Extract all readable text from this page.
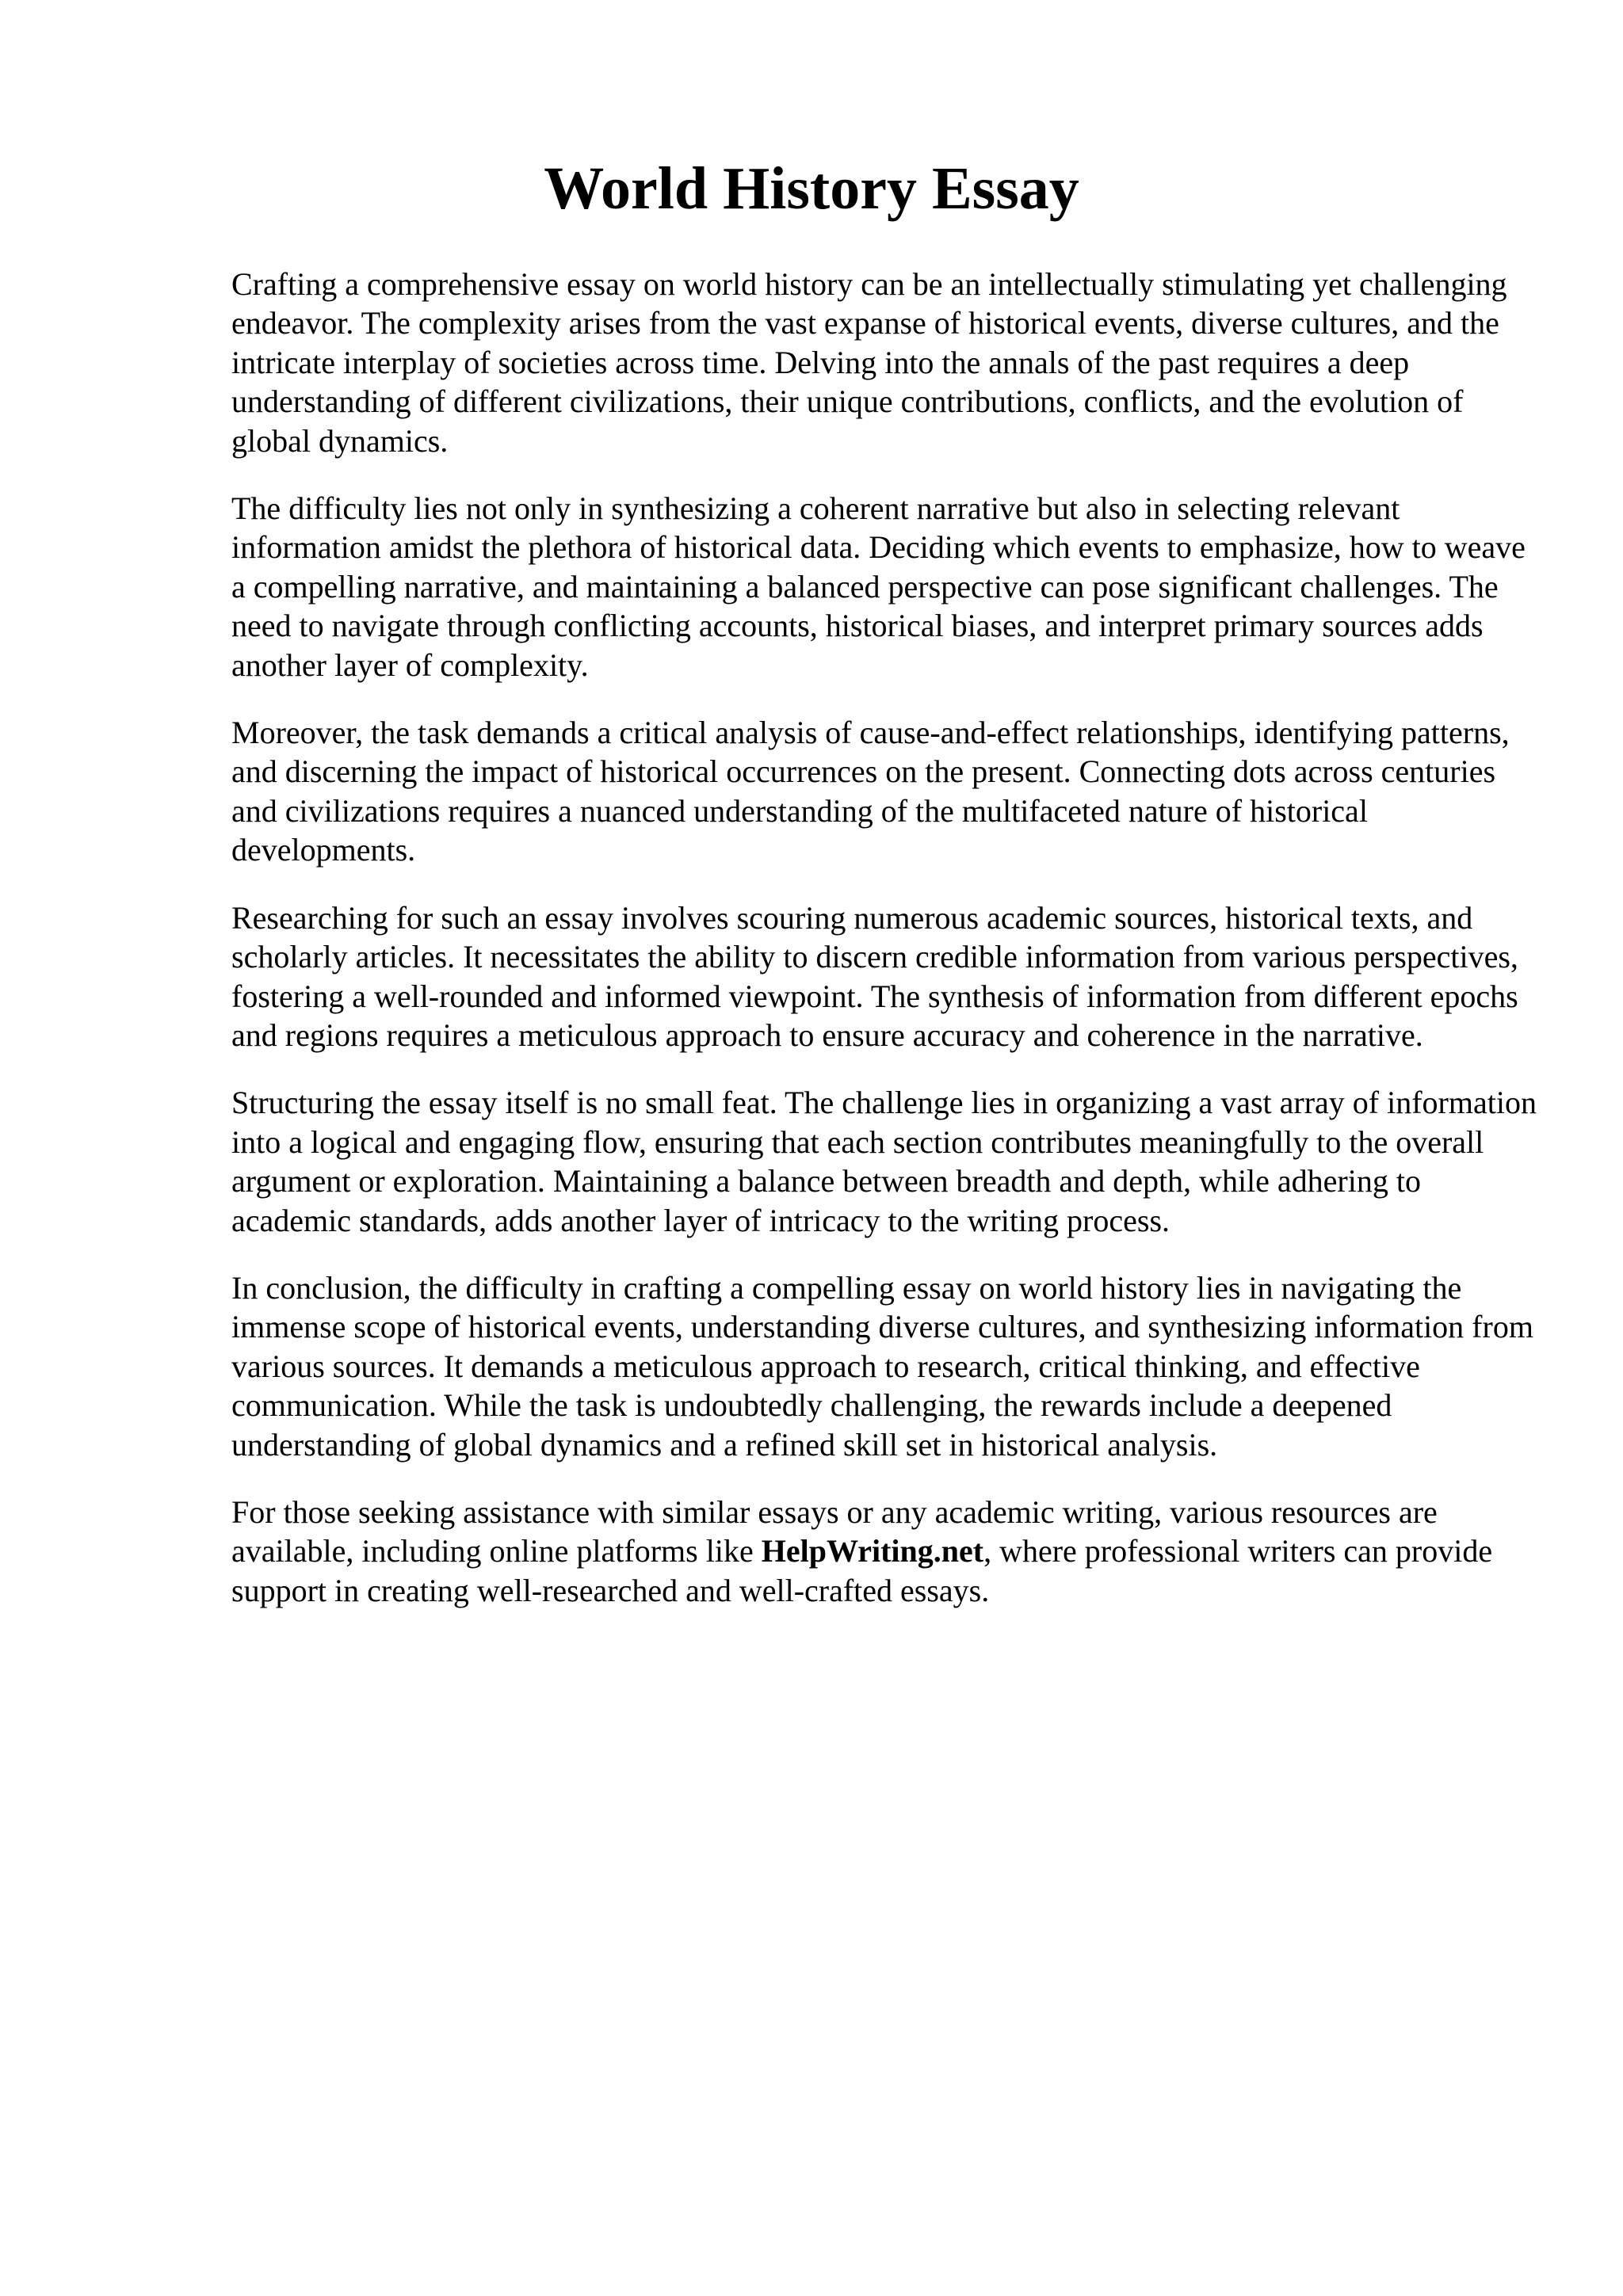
World History Essay

Crafting a comprehensive essay on world history can be an intellectually stimulating yet challenging endeavor. The complexity arises from the vast expanse of historical events, diverse cultures, and the intricate interplay of societies across time. Delving into the annals of the past requires a deep understanding of different civilizations, their unique contributions, conflicts, and the evolution of global dynamics.

The difficulty lies not only in synthesizing a coherent narrative but also in selecting relevant information amidst the plethora of historical data. Deciding which events to emphasize, how to weave a compelling narrative, and maintaining a balanced perspective can pose significant challenges. The need to navigate through conflicting accounts, historical biases, and interpret primary sources adds another layer of complexity.

Moreover, the task demands a critical analysis of cause-and-effect relationships, identifying patterns, and discerning the impact of historical occurrences on the present. Connecting dots across centuries and civilizations requires a nuanced understanding of the multifaceted nature of historical developments.

Researching for such an essay involves scouring numerous academic sources, historical texts, and scholarly articles. It necessitates the ability to discern credible information from various perspectives, fostering a well-rounded and informed viewpoint. The synthesis of information from different epochs and regions requires a meticulous approach to ensure accuracy and coherence in the narrative.

Structuring the essay itself is no small feat. The challenge lies in organizing a vast array of information into a logical and engaging flow, ensuring that each section contributes meaningfully to the overall argument or exploration. Maintaining a balance between breadth and depth, while adhering to academic standards, adds another layer of intricacy to the writing process.

In conclusion, the difficulty in crafting a compelling essay on world history lies in navigating the immense scope of historical events, understanding diverse cultures, and synthesizing information from various sources. It demands a meticulous approach to research, critical thinking, and effective communication. While the task is undoubtedly challenging, the rewards include a deepened understanding of global dynamics and a refined skill set in historical analysis.

For those seeking assistance with similar essays or any academic writing, various resources are available, including online platforms like HelpWriting.net, where professional writers can provide support in creating well-researched and well-crafted essays.
